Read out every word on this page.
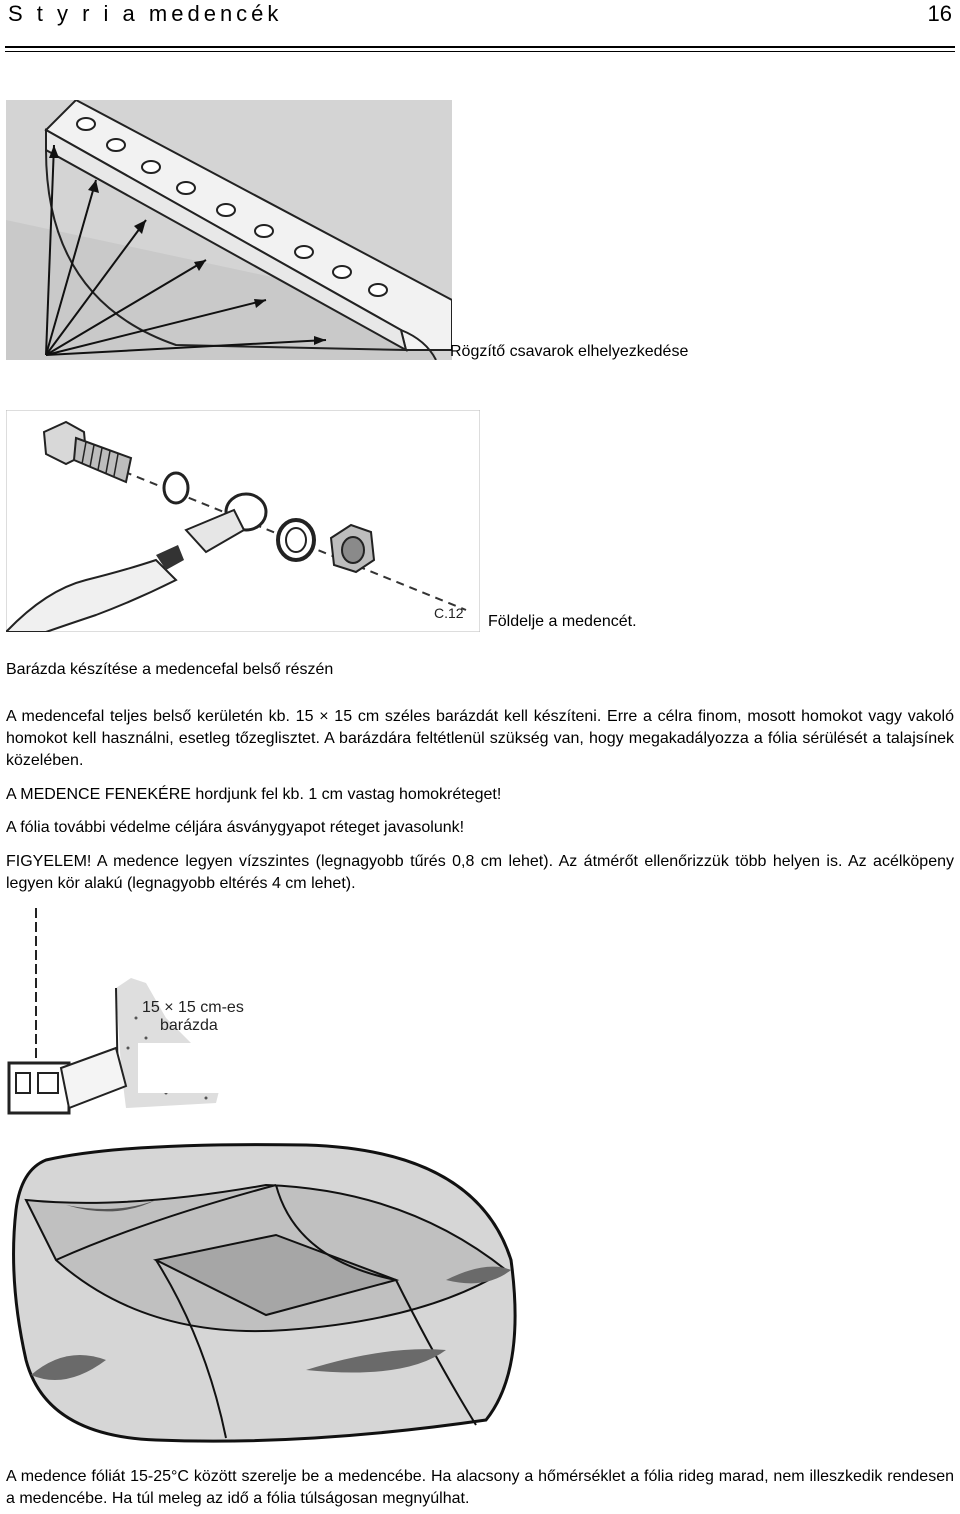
S t y r i a medencék	16
Rögzítő csavarok elhelyezkedése
C.12 Földelje a medencét.
Barázda készítése a medencefal belső részén

A medencefal teljes belső kerületén kb. 15 × 15 cm széles barázdát kell készíteni. Erre a célra finom, mosott homokot vagy vakoló homokot kell használni, esetleg tőzeglisztet. A barázdára feltétlenül szükség van, hogy megakadályozza a fólia sérülését a talajsínek közelében.

A MEDENCE FENEKÉRE hordjunk fel kb. 1 cm vastag homokréteget!

A fólia további védelme céljára ásványgyapot réteget javasolunk!

FIGYELEM! A medence legyen vízszintes (legnagyobb tűrés 0,8 cm lehet). Az átmérőt ellenőrizzük több helyen is. Az acélköpeny legyen kör alakú (legnagyobb eltérés 4 cm lehet).

15 × 15 cm-es
barázda

A medence fóliát 15-25°C között szerelje be a medencébe. Ha alacsony a hőmérséklet a fólia rideg marad, nem illeszkedik rendesen a medencébe. Ha túl meleg az idő a fólia túlságosan megnyúlhat.
